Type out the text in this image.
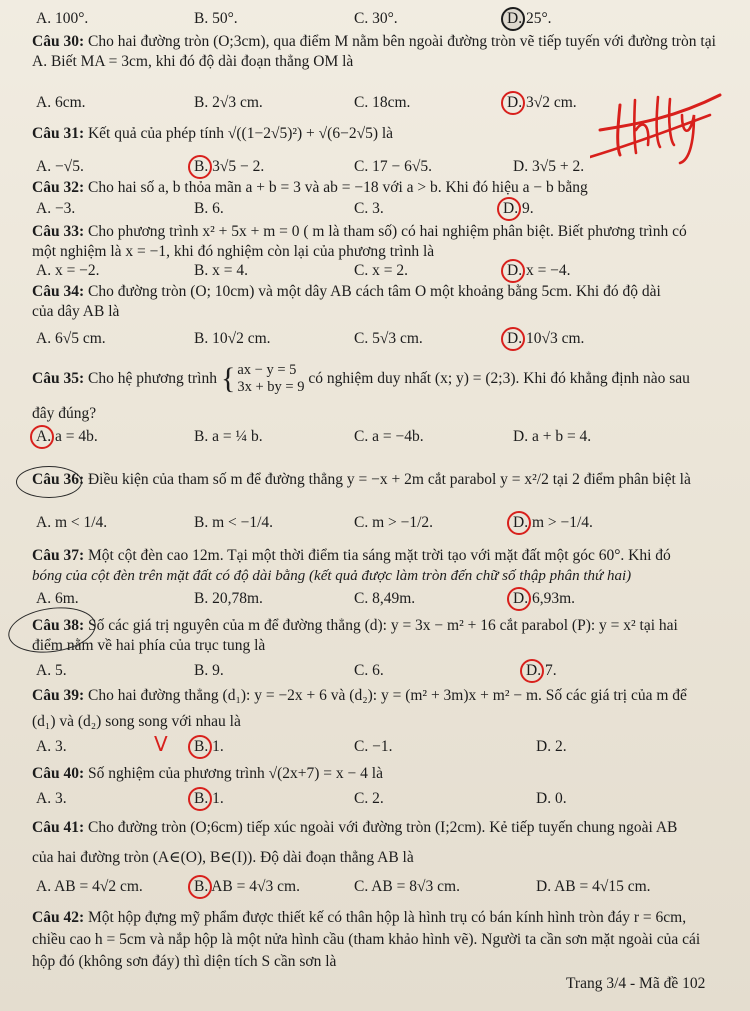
A. 100°.	B. 50°.	C. 30°.	D. 25°.
Câu 30: Cho hai đường tròn (O;3cm), qua điểm M nằm bên ngoài đường tròn vẽ tiếp tuyến với đường tròn tại
A. Biết MA = 3cm, khi đó độ dài đoạn thẳng OM là
A. 6cm.	B. 2√3 cm.	C. 18cm.	D. 3√2 cm.
Câu 31: Kết quả của phép tính √((1−2√5)²) + √(6−2√5) là
A. −√5.	B. 3√5 − 2.	C. 17 − 6√5.	D. 3√5 + 2.
Câu 32: Cho hai số a, b thỏa mãn a + b = 3 và ab = −18 với a > b. Khi đó hiệu a − b bằng
A. −3.	B. 6.	C. 3.	D. 9.
Câu 33: Cho phương trình x² + 5x + m = 0 ( m là tham số) có hai nghiệm phân biệt. Biết phương trình có
một nghiệm là x = −1, khi đó nghiệm còn lại của phương trình là
A. x = −2.	B. x = 4.	C. x = 2.	D. x = −4.
Câu 34: Cho đường tròn (O; 10cm) và một dây AB cách tâm O một khoảng bằng 5cm. Khi đó độ dài
của dây AB là
A. 6√5 cm.	B. 10√2 cm.	C. 5√3 cm.	D. 10√3 cm.
Câu 35:
Cho hệ phương trình { ax − y = 5
3x + by = 9
có nghiệm duy nhất (x; y) = (2;3). Khi đó khẳng định nào sau
đây đúng?
A. a = 4b.	B. a = ¼ b.	C. a = −4b.	D. a + b = 4.
Câu 36: Điều kiện của tham số m để đường thẳng y = −x + 2m cắt parabol y = x²/2 tại 2 điểm phân biệt là
A. m < 1/4.	B. m < −1/4.	C. m > −1/2.	D. m > −1/4.
Câu 37: Một cột đèn cao 12m. Tại một thời điểm tia sáng mặt trời tạo với mặt đất một góc 60°. Khi đó
bóng của cột đèn trên mặt đất có độ dài bằng (kết quả được làm tròn đến chữ số thập phân thứ hai)
A. 6m.	B. 20,78m.	C. 8,49m.	D. 6,93m.
Câu 38: Số các giá trị nguyên của m để đường thẳng (d): y = 3x − m² + 16 cắt parabol (P): y = x² tại hai
điểm nằm về hai phía của trục tung là
A. 5.	B. 9.	C. 6.	D. 7.
Câu 39: Cho hai đường thẳng (d₁): y = −2x + 6 và (d₂): y = (m² + 3m)x + m² − m. Số các giá trị của m để
(d₁) và (d₂) song song với nhau là
V
A. 3.	B. 1.	C. −1.	D. 2.
Câu 40: Số nghiệm của phương trình √(2x+7) = x − 4 là
A. 3.	B. 1.	C. 2.	D. 0.
Câu 41: Cho đường tròn (O;6cm) tiếp xúc ngoài với đường tròn (I;2cm). Kẻ tiếp tuyến chung ngoài AB
của hai đường tròn (A∈(O), B∈(I)). Độ dài đoạn thẳng AB là
A. AB = 4√2 cm.	B. AB = 4√3 cm.	C. AB = 8√3 cm.	D. AB = 4√15 cm.
Câu 42: Một hộp đựng mỹ phẩm được thiết kế có thân hộp là hình trụ có bán kính hình tròn đáy r = 6cm,
chiều cao h = 5cm và nắp hộp là một nửa hình cầu (tham khảo hình vẽ). Người ta cần sơn mặt ngoài của cái
hộp đó (không sơn đáy) thì diện tích S cần sơn là
Trang 3/4 - Mã đề 102
